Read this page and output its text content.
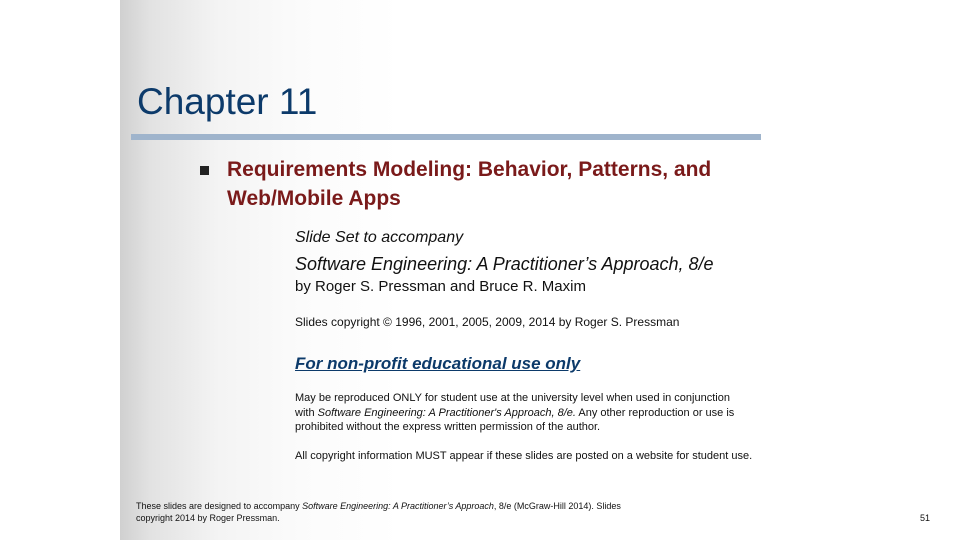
Chapter 11
Requirements Modeling: Behavior, Patterns, and Web/Mobile Apps
Slide Set to accompany
Software Engineering: A Practitioner’s Approach, 8/e
by Roger S. Pressman and Bruce R. Maxim
Slides copyright © 1996, 2001, 2005, 2009, 2014 by Roger S. Pressman
For non-profit educational use only
May be reproduced ONLY for student use at the university level when used in conjunction
with Software Engineering: A Practitioner's Approach, 8/e. Any other reproduction or use is
prohibited without the express written permission of the author.
All copyright information MUST appear if these slides are posted on a website for student use.
These slides are designed to accompany Software Engineering: A Practitioner’s Approach, 8/e (McGraw-Hill 2014). Slides
copyright 2014 by Roger Pressman.	51
